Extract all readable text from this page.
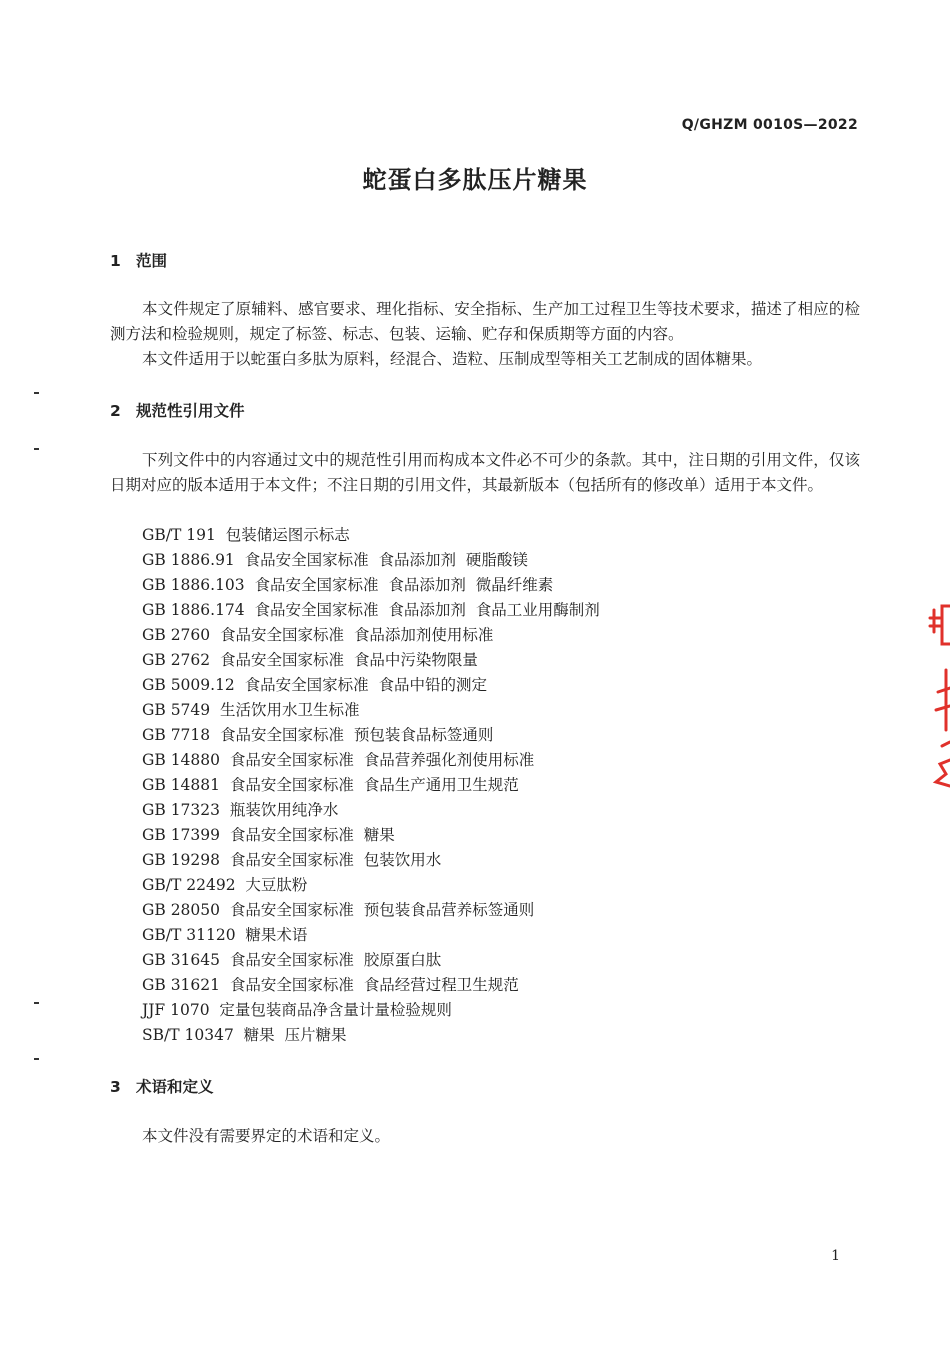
Q/GHZM 0010S—2022
蛇蛋白多肽压片糖果
1 范围

本文件规定了原辅料、感官要求、理化指标、安全指标、生产加工过程卫生等技术要求，描述了相应的检测方法和检验规则，规定了标签、标志、包装、运输、贮存和保质期等方面的内容。

本文件适用于以蛇蛋白多肽为原料，经混合、造粒、压制成型等相关工艺制成的固体糖果。

2 规范性引用文件

下列文件中的内容通过文中的规范性引用而构成本文件必不可少的条款。其中，注日期的引用文件，仅该日期对应的版本适用于本文件；不注日期的引用文件，其最新版本（包括所有的修改单）适用于本文件。

GB/T 191  包装储运图示标志
GB 1886.91  食品安全国家标准  食品添加剂  硬脂酸镁
GB 1886.103  食品安全国家标准  食品添加剂  微晶纤维素
GB 1886.174  食品安全国家标准  食品添加剂  食品工业用酶制剂
GB 2760  食品安全国家标准  食品添加剂使用标准
GB 2762  食品安全国家标准  食品中污染物限量
GB 5009.12  食品安全国家标准  食品中铅的测定
GB 5749  生活饮用水卫生标准
GB 7718  食品安全国家标准  预包装食品标签通则
GB 14880  食品安全国家标准  食品营养强化剂使用标准
GB 14881  食品安全国家标准  食品生产通用卫生规范
GB 17323  瓶装饮用纯净水
GB 17399  食品安全国家标准  糖果
GB 19298  食品安全国家标准  包装饮用水
GB/T 22492  大豆肽粉
GB 28050  食品安全国家标准  预包装食品营养标签通则
GB/T 31120  糖果术语
GB 31645  食品安全国家标准  胶原蛋白肽
GB 31621  食品安全国家标准  食品经营过程卫生规范
JJF 1070  定量包装商品净含量计量检验规则
SB/T 10347  糖果  压片糖果
3 术语和定义

本文件没有需要界定的术语和定义。

1
